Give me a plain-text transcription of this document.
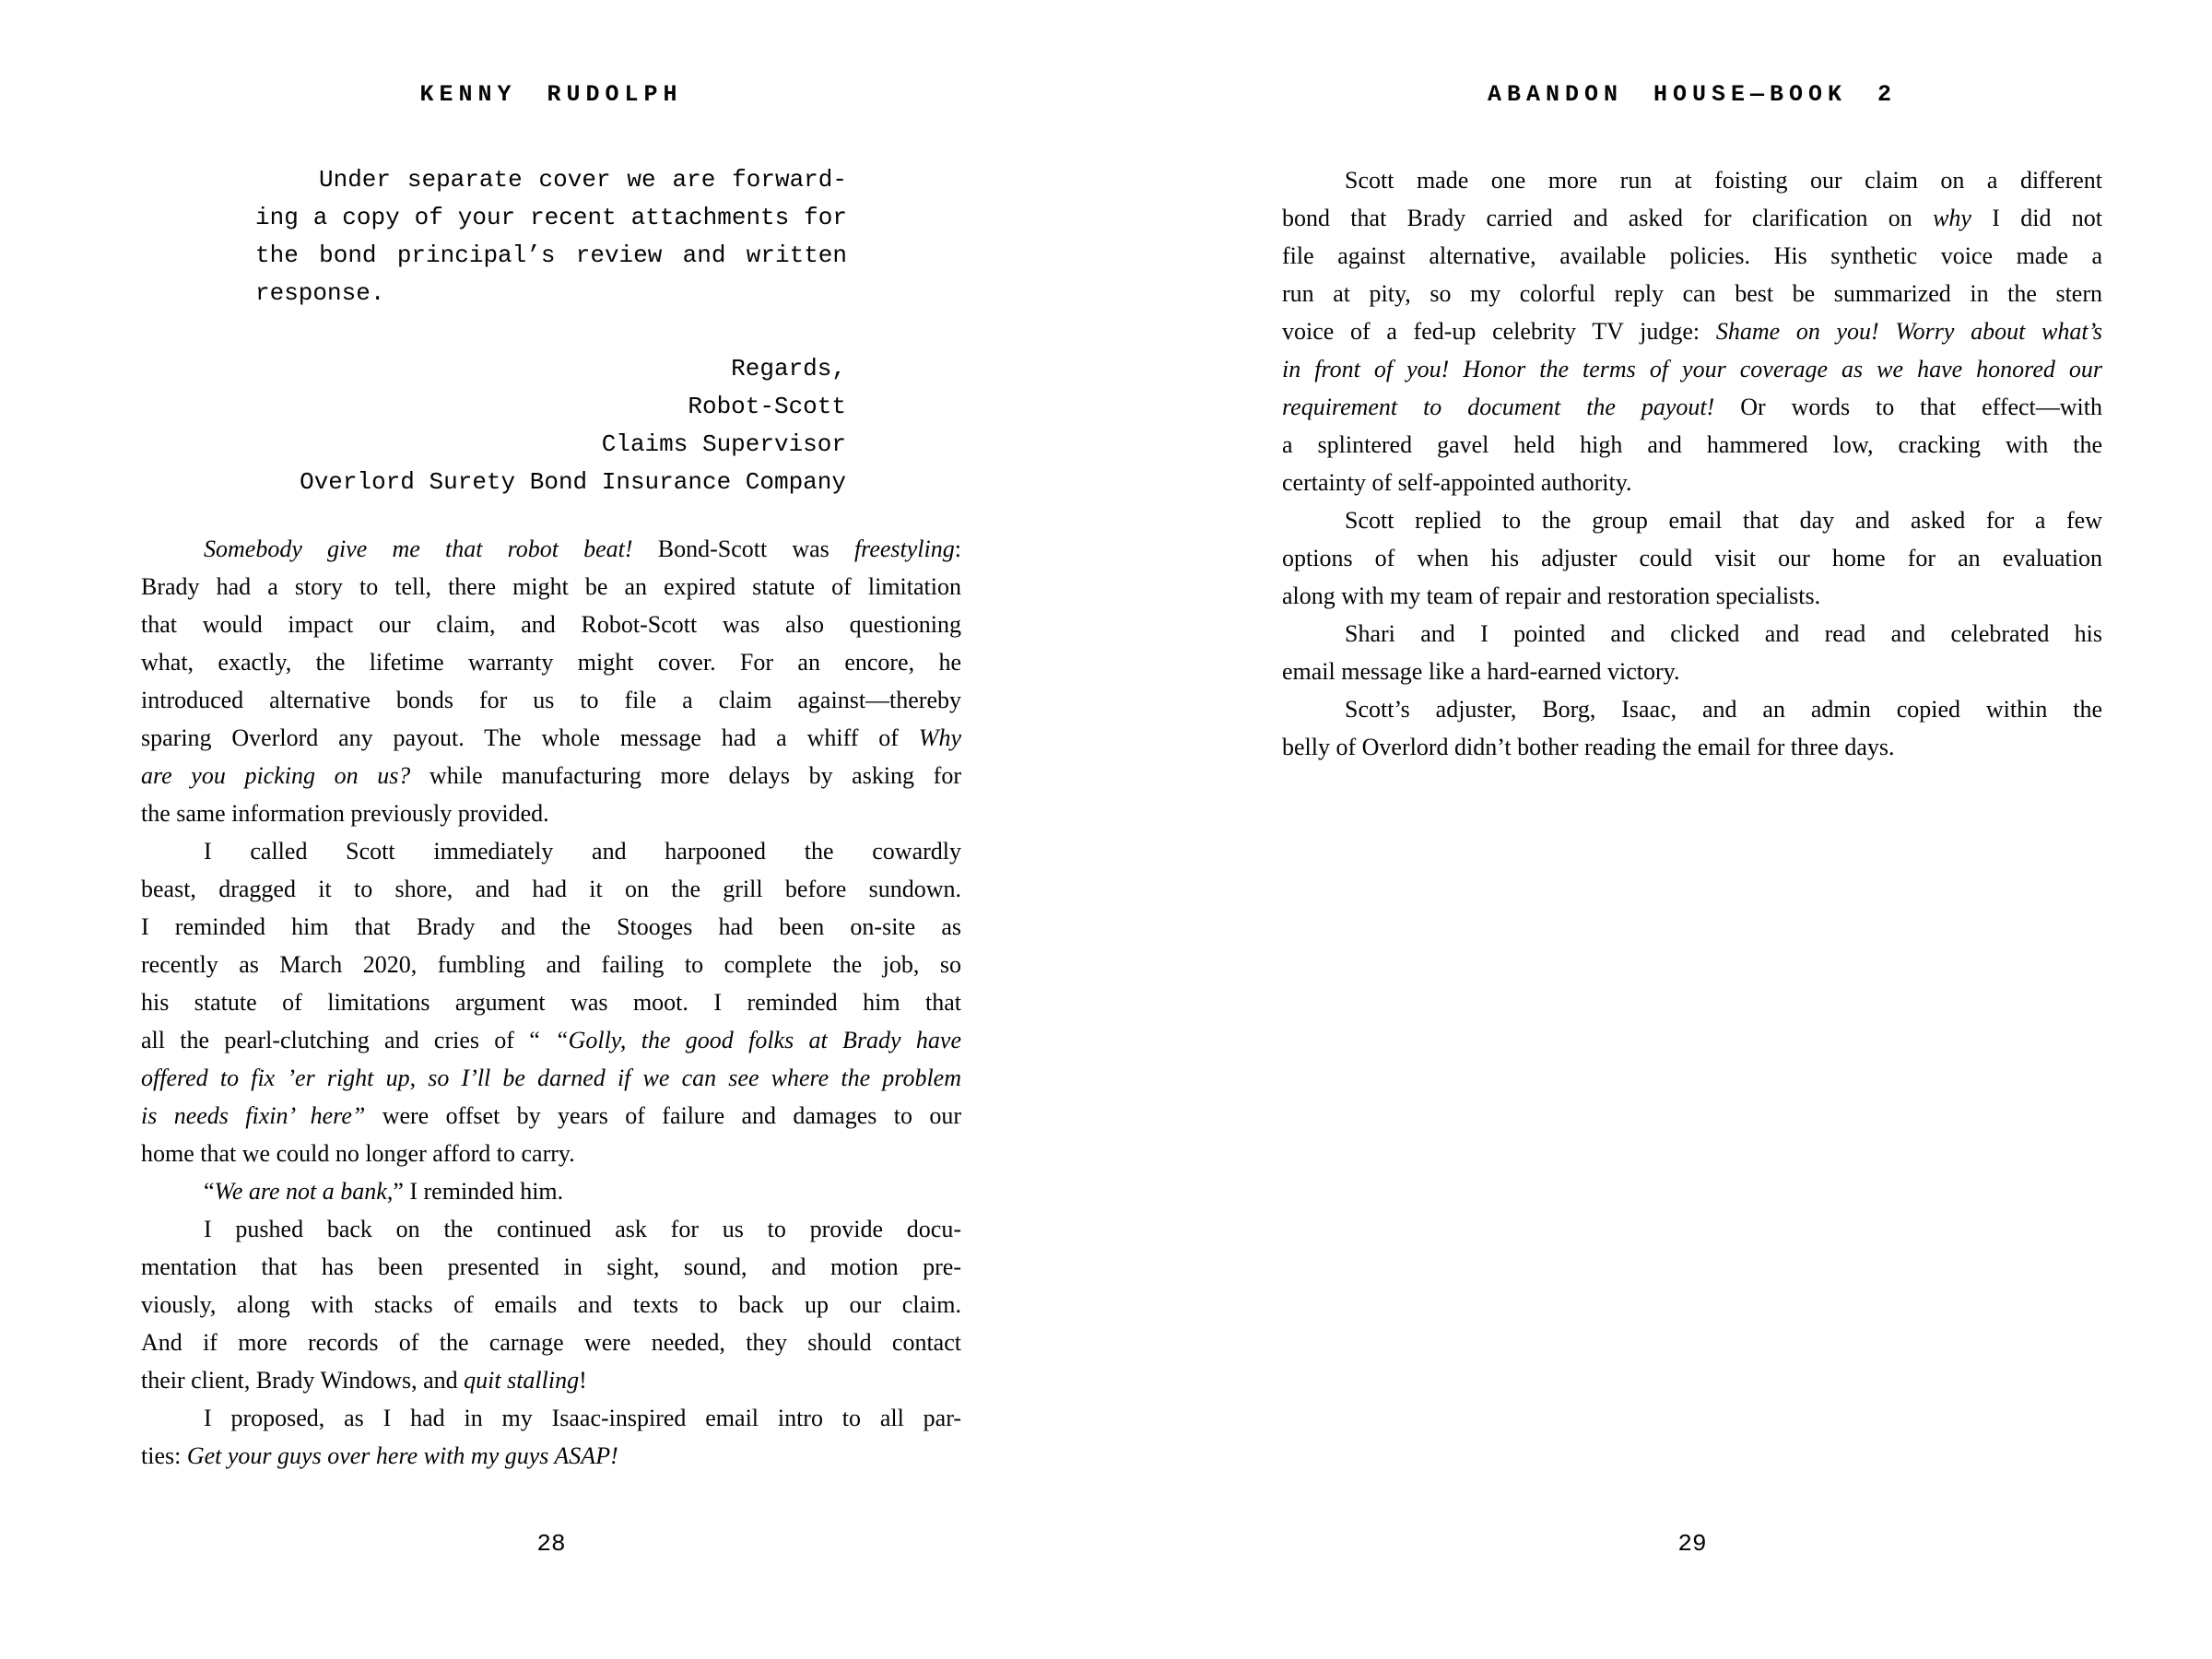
KENNY RUDOLPH
Under separate cover we are forward-
ing a copy of your recent attachments for
the bond principal’s review and written
response.
Regards,
Robot-Scott
Claims Supervisor
Overlord Surety Bond Insurance Company
Somebody give me that robot beat! Bond-Scott was freestyling:
Brady had a story to tell, there might be an expired statute of limitation
that would impact our claim, and Robot-Scott was also questioning
what, exactly, the lifetime warranty might cover. For an encore, he
introduced alternative bonds for us to file a claim against—thereby
sparing Overlord any payout. The whole message had a whiff of Why
are you picking on us? while manufacturing more delays by asking for
the same information previously provided.
I called Scott immediately and harpooned the cowardly
beast, dragged it to shore, and had it on the grill before sundown.
I reminded him that Brady and the Stooges had been on-site as
recently as March 2020, fumbling and failing to complete the job, so
his statute of limitations argument was moot. I reminded him that
all the pearl-clutching and cries of “ “Golly, the good folks at Brady have
offered to fix ’er right up, so I’ll be darned if we can see where the problem
is needs fixin’ here” were offset by years of failure and damages to our
home that we could no longer afford to carry.
“We are not a bank,” I reminded him.
I pushed back on the continued ask for us to provide docu-
mentation that has been presented in sight, sound, and motion pre-
viously, along with stacks of emails and texts to back up our claim.
And if more records of the carnage were needed, they should contact
their client, Brady Windows, and quit stalling!
I proposed, as I had in my Isaac-inspired email intro to all par-
ties: Get your guys over here with my guys ASAP!
28
ABANDON HOUSE—BOOK 2
Scott made one more run at foisting our claim on a different
bond that Brady carried and asked for clarification on why I did not
file against alternative, available policies. His synthetic voice made a
run at pity, so my colorful reply can best be summarized in the stern
voice of a fed-up celebrity TV judge: Shame on you! Worry about what’s
in front of you! Honor the terms of your coverage as we have honored our
requirement to document the payout! Or words to that effect—with
a splintered gavel held high and hammered low, cracking with the
certainty of self-appointed authority.
Scott replied to the group email that day and asked for a few
options of when his adjuster could visit our home for an evaluation
along with my team of repair and restoration specialists.
Shari and I pointed and clicked and read and celebrated his
email message like a hard-earned victory.
Scott’s adjuster, Borg, Isaac, and an admin copied within the
belly of Overlord didn’t bother reading the email for three days.
29
